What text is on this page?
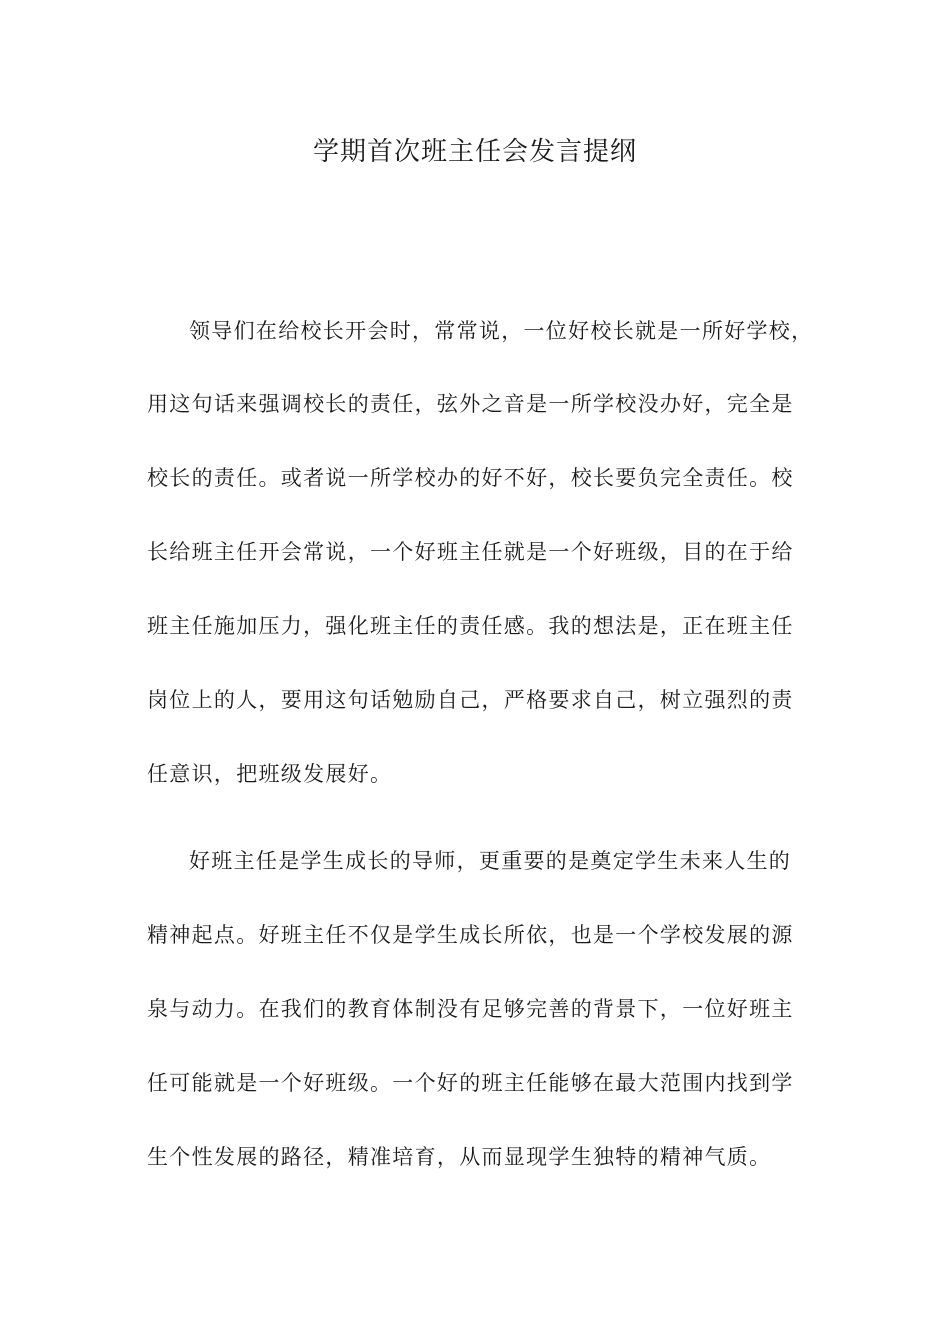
学期首次班主任会发言提纲
领导们在给校长开会时，常常说，一位好校长就是一所好学校，
用这句话来强调校长的责任，弦外之音是一所学校没办好，完全是
校长的责任。或者说一所学校办的好不好，校长要负完全责任。校
长给班主任开会常说，一个好班主任就是一个好班级，目的在于给
班主任施加压力，强化班主任的责任感。我的想法是，正在班主任
岗位上的人，要用这句话勉励自己，严格要求自己，树立强烈的责
任意识，把班级发展好。
好班主任是学生成长的导师，更重要的是奠定学生未来人生的
精神起点。好班主任不仅是学生成长所依，也是一个学校发展的源
泉与动力。在我们的教育体制没有足够完善的背景下，一位好班主
任可能就是一个好班级。一个好的班主任能够在最大范围内找到学
生个性发展的路径，精准培育，从而显现学生独特的精神气质。
